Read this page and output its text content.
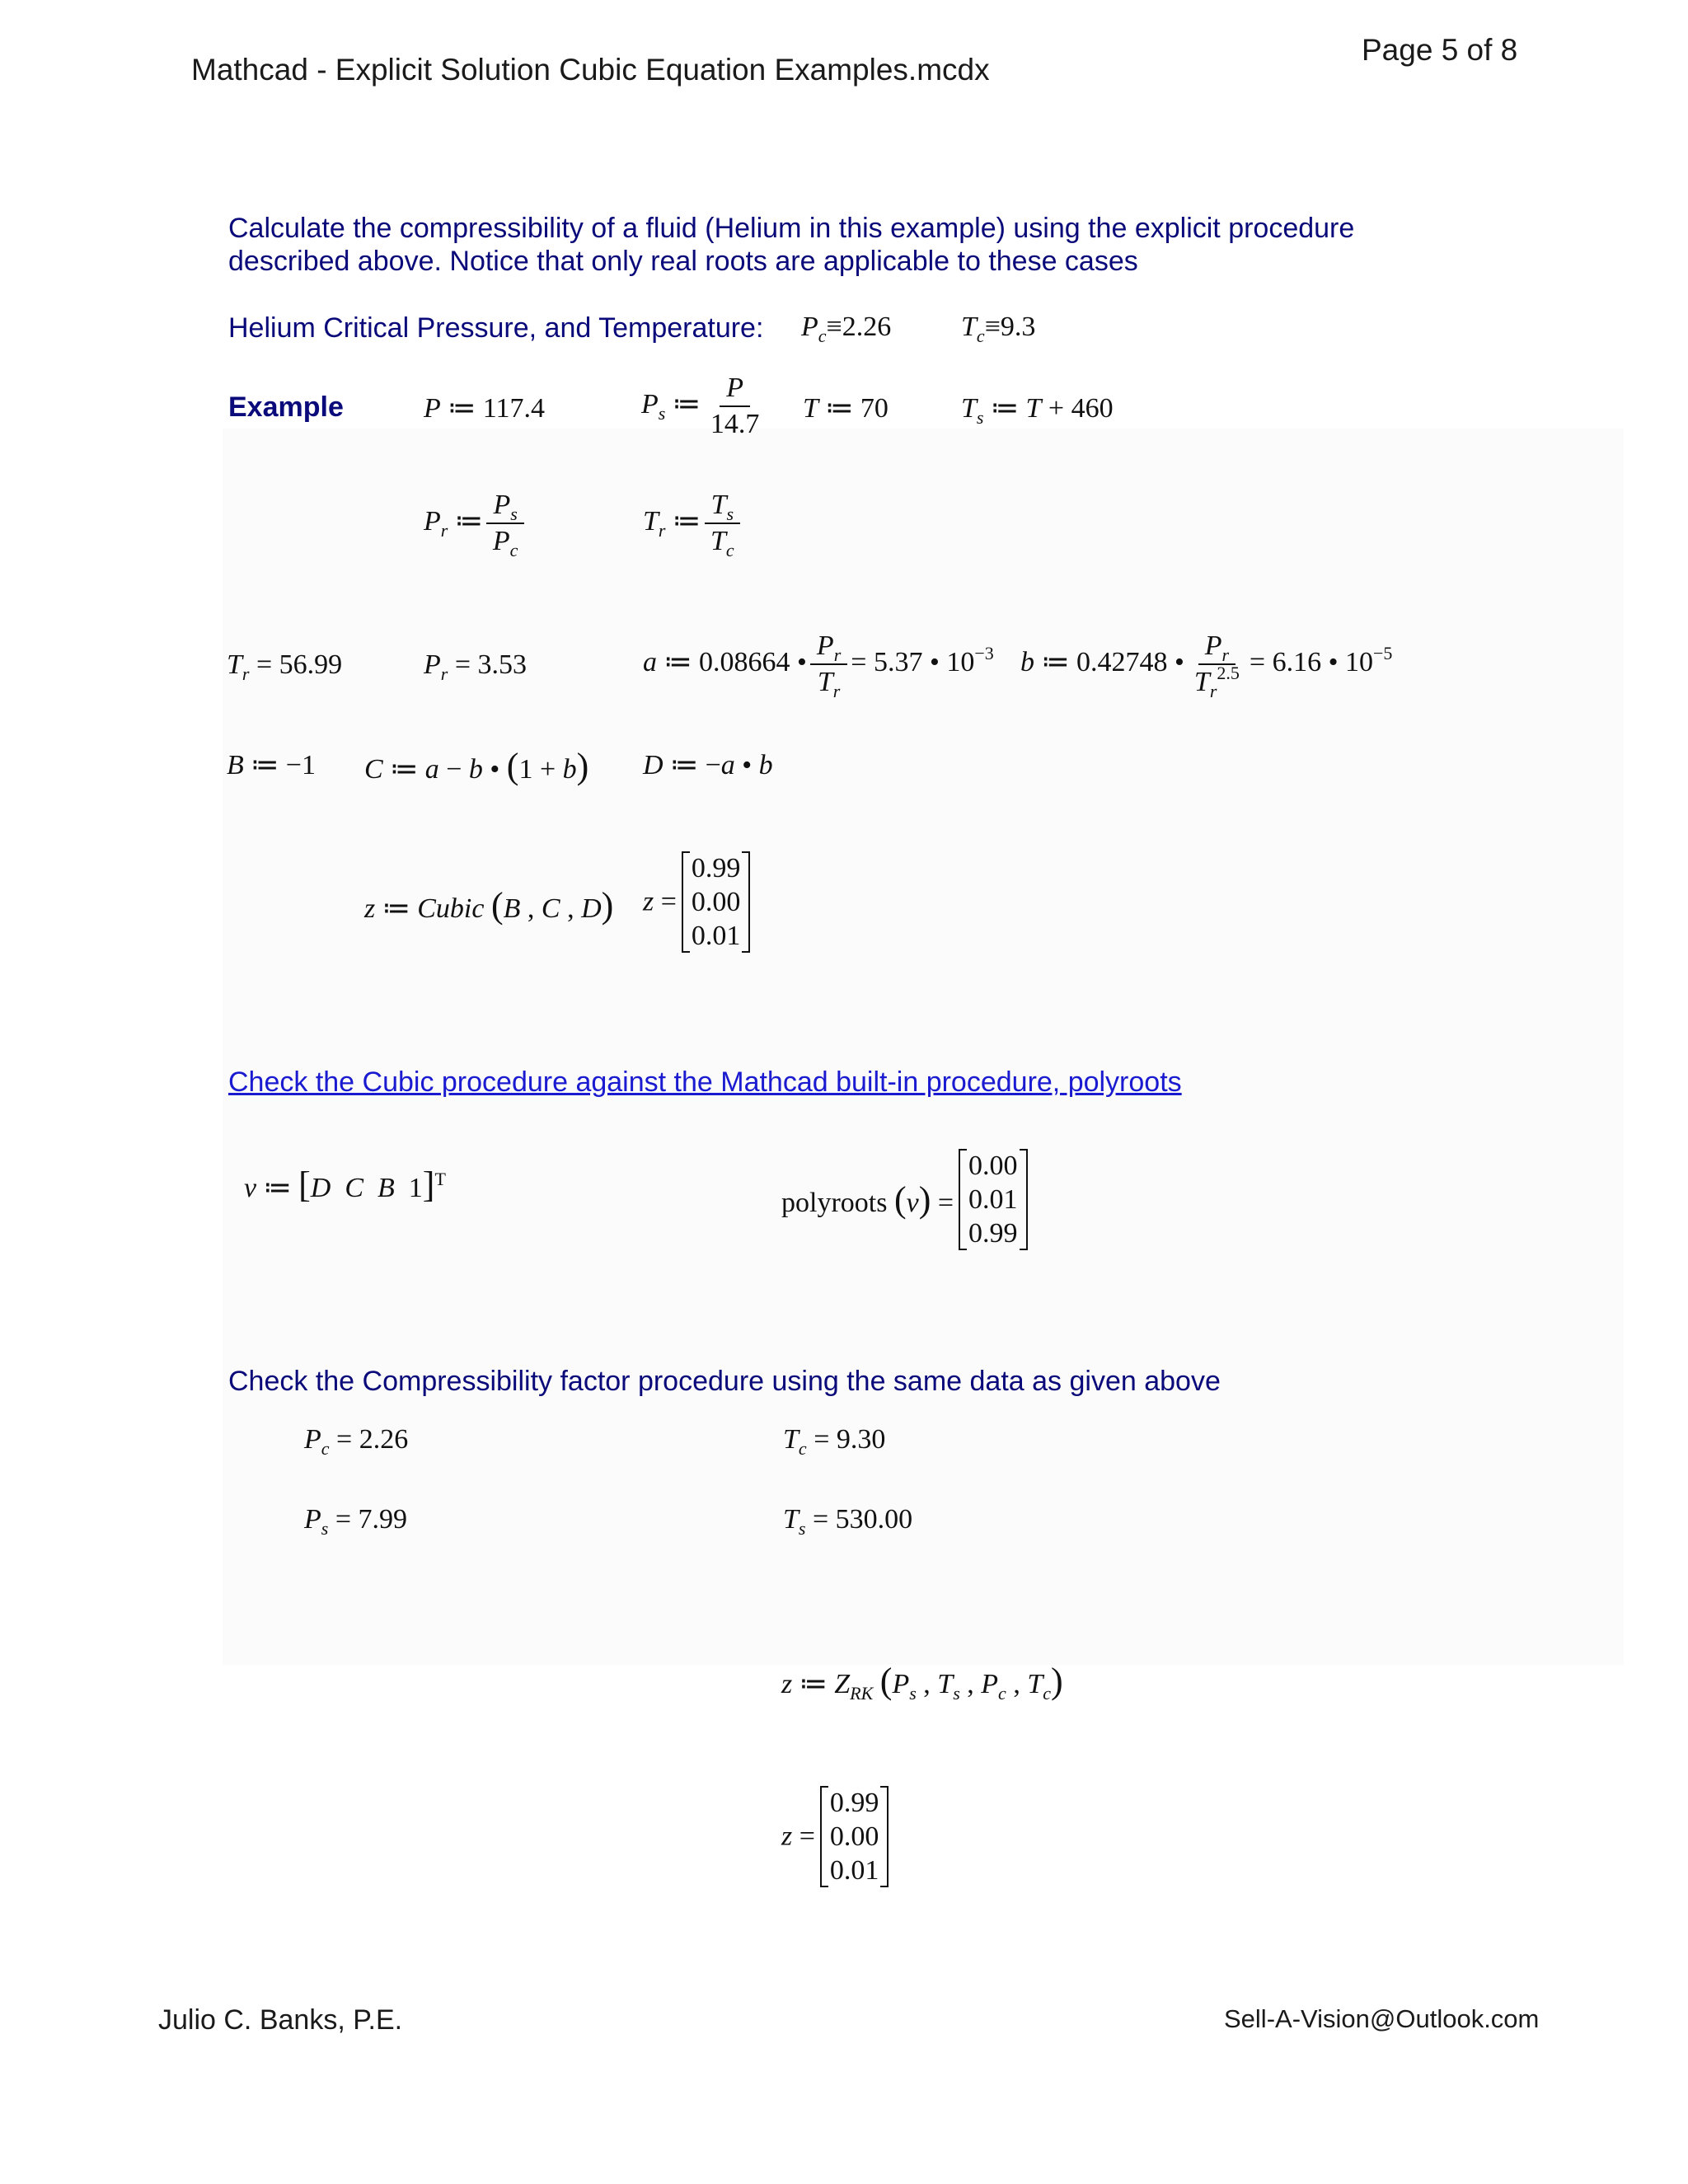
Mathcad - Explicit Solution Cubic Equation Examples.mcdx
Page 5 of 8
Calculate the compressibility of a fluid (Helium in this example) using the explicit procedure
described above. Notice that only real roots are applicable to these cases
Helium Critical Pressure, and Temperature: $P_c\equiv 2.26$ $T_c\equiv 9.3$
Example	P ≔ 117.4	$P_s$ ≔ $\frac{P}{14.7}$ T ≔ 70	$T_s$ ≔ T + 460
$P_r$ ≔ $\frac{P_s}{P_c}$	$T_r$ ≔ $\frac{T_s}{T_c}$
$T_r = 56.99$	$P_r = 3.53$	a ≔ 0.08664 • $\frac{P_r}{T_r} = 5.37$ • $10^{-3}$ b ≔ 0.42748 • $\frac{P_r}{T_r^{2.5}} = 6.16$ • $10^{-5}$
B ≔ −1 C ≔ a − b • (1 + b) D ≔ −a • b
z ≔ Cubic (B , C , D) z =
0.99
0.00
0.01
Check the Cubic procedure against the Mathcad built-in procedure, polyroots
v ≔ [D C B  1]$^T$
polyroots (v) =
0.00
0.01
0.99
Check the Compressibility factor procedure using the same data as given above
$P_c = 2.26$	$T_c = 9.30$
$P_s = 7.99$	$T_s = 530.00$
z ≔ $Z_{RK}$ ($P_s$ , $T_s$ , $P_c$ , $T_c$)
z =
0.99
0.00
0.01
Julio C. Banks, P.E.	Sell-A-Vision@Outlook.com
